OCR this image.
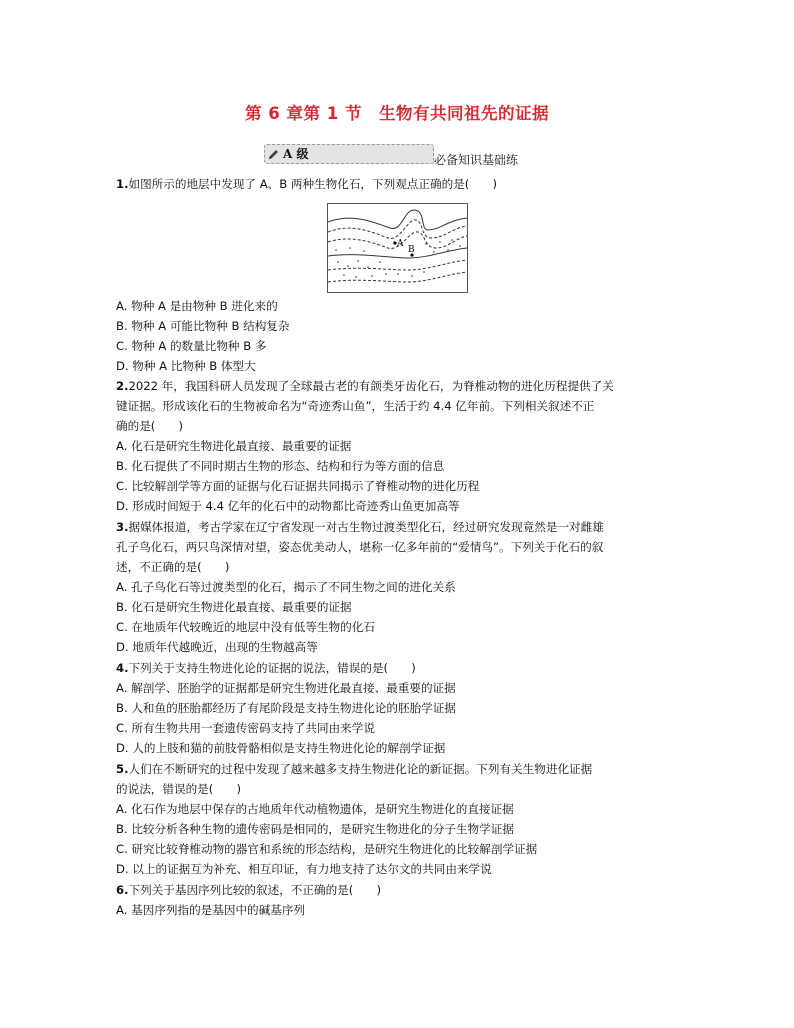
第 6 章第 1 节　生物有共同祖先的证据
A 级	必备知识基础练
A
B
1.如图所示的地层中发现了 A、B 两种生物化石，下列观点正确的是(　　)
A. 物种 A 是由物种 B 进化来的
B. 物种 A 可能比物种 B 结构复杂
C. 物种 A 的数量比物种 B 多
D. 物种 A 比物种 B 体型大
2.2022 年，我国科研人员发现了全球最古老的有颌类牙齿化石，为脊椎动物的进化历程提供了关
键证据。形成该化石的生物被命名为“奇迹秀山鱼”，生活于约 4.4 亿年前。下列相关叙述不正
确的是(　　)
A. 化石是研究生物进化最直接、最重要的证据
B. 化石提供了不同时期古生物的形态、结构和行为等方面的信息
C. 比较解剖学等方面的证据与化石证据共同揭示了脊椎动物的进化历程
D. 形成时间短于 4.4 亿年的化石中的动物都比奇迹秀山鱼更加高等
3.据媒体报道，考古学家在辽宁省发现一对古生物过渡类型化石，经过研究发现竟然是一对雌雄
孔子鸟化石，两只鸟深情对望，姿态优美动人，堪称一亿多年前的“爱情鸟”。下列关于化石的叙
述，不正确的是(　　)
A. 孔子鸟化石等过渡类型的化石，揭示了不同生物之间的进化关系
B. 化石是研究生物进化最直接、最重要的证据
C. 在地质年代较晚近的地层中没有低等生物的化石
D. 地质年代越晚近，出现的生物越高等
4.下列关于支持生物进化论的证据的说法，错误的是(　　)
A. 解剖学、胚胎学的证据都是研究生物进化最直接、最重要的证据
B. 人和鱼的胚胎都经历了有尾阶段是支持生物进化论的胚胎学证据
C. 所有生物共用一套遗传密码支持了共同由来学说
D. 人的上肢和猫的前肢骨骼相似是支持生物进化论的解剖学证据
5.人们在不断研究的过程中发现了越来越多支持生物进化论的新证据。下列有关生物进化证据
的说法，错误的是(　　)
A. 化石作为地层中保存的古地质年代动植物遗体，是研究生物进化的直接证据
B. 比较分析各种生物的遗传密码是相同的，是研究生物进化的分子生物学证据
C. 研究比较脊椎动物的器官和系统的形态结构，是研究生物进化的比较解剖学证据
D. 以上的证据互为补充、相互印证，有力地支持了达尔文的共同由来学说
6.下列关于基因序列比较的叙述，不正确的是(　　)
A. 基因序列指的是基因中的碱基序列
